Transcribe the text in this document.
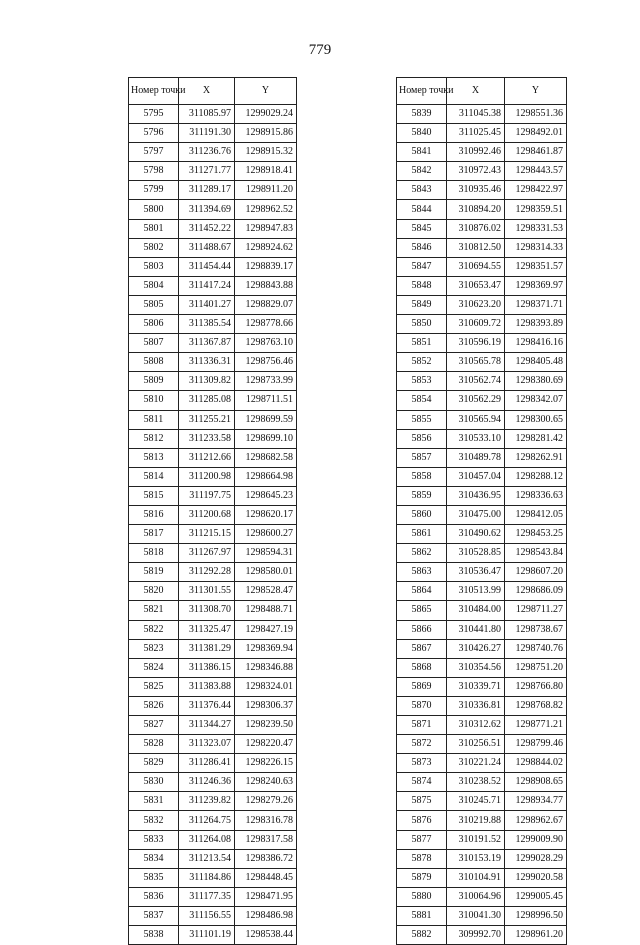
779
Номер точки	X	Y
5795	311085.97	1299029.24
5796	311191.30	1298915.86
5797	311236.76	1298915.32
5798	311271.77	1298918.41
5799	311289.17	1298911.20
5800	311394.69	1298962.52
5801	311452.22	1298947.83
5802	311488.67	1298924.62
5803	311454.44	1298839.17
5804	311417.24	1298843.88
5805	311401.27	1298829.07
5806	311385.54	1298778.66
5807	311367.87	1298763.10
5808	311336.31	1298756.46
5809	311309.82	1298733.99
5810	311285.08	1298711.51
5811	311255.21	1298699.59
5812	311233.58	1298699.10
5813	311212.66	1298682.58
5814	311200.98	1298664.98
5815	311197.75	1298645.23
5816	311200.68	1298620.17
5817	311215.15	1298600.27
5818	311267.97	1298594.31
5819	311292.28	1298580.01
5820	311301.55	1298528.47
5821	311308.70	1298488.71
5822	311325.47	1298427.19
5823	311381.29	1298369.94
5824	311386.15	1298346.88
5825	311383.88	1298324.01
5826	311376.44	1298306.37
5827	311344.27	1298239.50
5828	311323.07	1298220.47
5829	311286.41	1298226.15
5830	311246.36	1298240.63
5831	311239.82	1298279.26
5832	311264.75	1298316.78
5833	311264.08	1298317.58
5834	311213.54	1298386.72
5835	311184.86	1298448.45
5836	311177.35	1298471.95
5837	311156.55	1298486.98
5838	311101.19	1298538.44
Номер точки	X	Y
5839	311045.38	1298551.36
5840	311025.45	1298492.01
5841	310992.46	1298461.87
5842	310972.43	1298443.57
5843	310935.46	1298422.97
5844	310894.20	1298359.51
5845	310876.02	1298331.53
5846	310812.50	1298314.33
5847	310694.55	1298351.57
5848	310653.47	1298369.97
5849	310623.20	1298371.71
5850	310609.72	1298393.89
5851	310596.19	1298416.16
5852	310565.78	1298405.48
5853	310562.74	1298380.69
5854	310562.29	1298342.07
5855	310565.94	1298300.65
5856	310533.10	1298281.42
5857	310489.78	1298262.91
5858	310457.04	1298288.12
5859	310436.95	1298336.63
5860	310475.00	1298412.05
5861	310490.62	1298453.25
5862	310528.85	1298543.84
5863	310536.47	1298607.20
5864	310513.99	1298686.09
5865	310484.00	1298711.27
5866	310441.80	1298738.67
5867	310426.27	1298740.76
5868	310354.56	1298751.20
5869	310339.71	1298766.80
5870	310336.81	1298768.82
5871	310312.62	1298771.21
5872	310256.51	1298799.46
5873	310221.24	1298844.02
5874	310238.52	1298908.65
5875	310245.71	1298934.77
5876	310219.88	1298962.67
5877	310191.52	1299009.90
5878	310153.19	1299028.29
5879	310104.91	1299020.58
5880	310064.96	1299005.45
5881	310041.30	1298996.50
5882	309992.70	1298961.20
